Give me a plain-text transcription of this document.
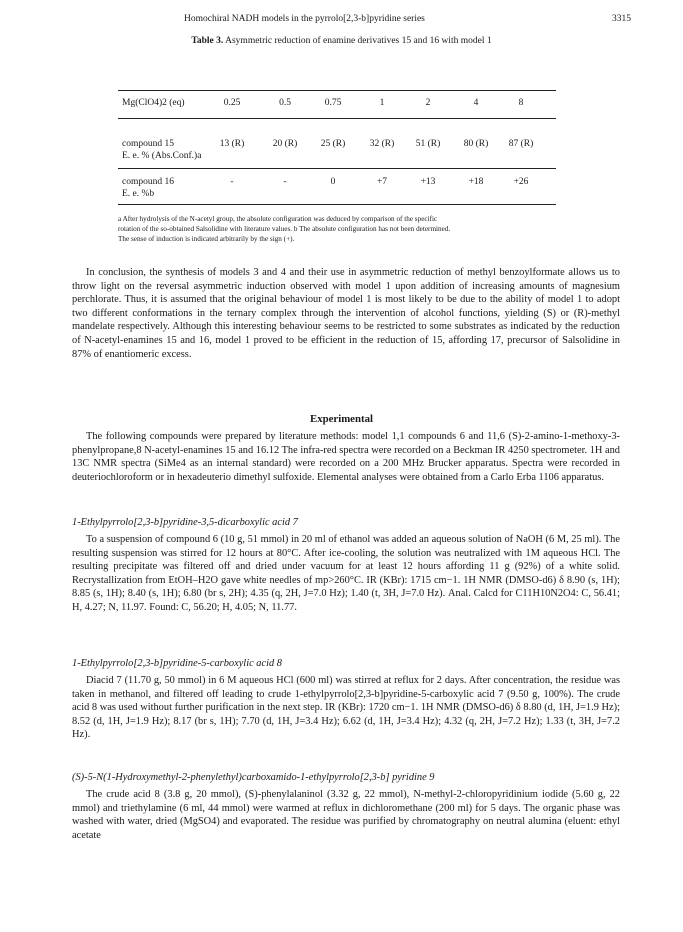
Homochiral NADH models in the pyrrolo[2,3-b]pyridine series	3315
Table 3. Asymmetric reduction of enamine derivatives 15 and 16 with model 1
Mg(ClO4)2 (eq)	0.25	0.5	0.75	1	2	4	8
compound 15
E. e. % (Abs.Conf.)a
13 (R)	20 (R)	25 (R)	32 (R)	51 (R)	80 (R)	87 (R)
compound 16
E. e. %b
-	-	0	+7	+13	+18	+26
a After hydrolysis of the N-acetyl group, the absolute configuration was deduced by comparison of the specific
rotation of the so-obtained Salsolidine with literature values. b The absolute configuration has not been determined.
The sense of induction is indicated arbitrarily by the sign (+).

In conclusion, the synthesis of models 3 and 4 and their use in asymmetric reduction of methyl benzoylformate allows us to throw light on the reversal asymmetric induction observed with model 1 upon addition of increasing amounts of magnesium perchlorate. Thus, it is assumed that the original behaviour of model 1 is most likely to be due to the ability of model 1 to adopt two different conformations in the ternary complex through the intervention of alcohol functions, yielding (S) or (R)-methyl mandelate respectively. Although this interesting behaviour seems to be restricted to some substrates as indicated by the reduction of N-acetyl-enamines 15 and 16, model 1 proved to be efficient in the reduction of 15, affording 17, precursor of Salsolidine in 87% of enantiomeric excess.

Experimental

The following compounds were prepared by literature methods: model 1,1 compounds 6 and 11,6 (S)-2-amino-1-methoxy-3-phenylpropane,8 N-acetyl-enamines 15 and 16.12 The infra-red spectra were recorded on a Beckman IR 4250 spectrometer. 1H and 13C NMR spectra (SiMe4 as an internal standard) were recorded on a 200 MHz Brucker apparatus. Spectra were recorded in deuteriochloroform or in hexadeuterio dimethyl sulfoxide. Elemental analyses were obtained from a Carlo Erba 1106 apparatus.

1-Ethylpyrrolo[2,3-b]pyridine-3,5-dicarboxylic acid 7

To a suspension of compound 6 (10 g, 51 mmol) in 20 ml of ethanol was added an aqueous solution of NaOH (6 M, 25 ml). The resulting suspension was stirred for 12 hours at 80°C. After ice-cooling, the solution was neutralized with 1M aqueous HCl. The resulting precipitate was filtered off and dried under vacuum for at least 12 hours affording 11 g (92%) of a white solid. Recrystallization from EtOH–H2O gave white needles of mp>260°C. IR (KBr): 1715 cm−1. 1H NMR (DMSO-d6) δ 8.90 (s, 1H); 8.85 (s, 1H); 8.40 (s, 1H); 6.80 (br s, 2H); 4.35 (q, 2H, J=7.0 Hz); 1.40 (t, 3H, J=7.0 Hz). Anal. Calcd for C11H10N2O4: C, 56.41; H, 4.27; N, 11.97. Found: C, 56.20; H, 4.05; N, 11.77.

1-Ethylpyrrolo[2,3-b]pyridine-5-carboxylic acid 8

Diacid 7 (11.70 g, 50 mmol) in 6 M aqueous HCl (600 ml) was stirred at reflux for 2 days. After concentration, the residue was taken in methanol, and filtered off leading to crude 1-ethylpyrrolo[2,3-b]pyridine-5-carboxylic acid 7 (9.50 g, 100%). The crude acid 8 was used without further purification in the next step. IR (KBr): 1720 cm−1. 1H NMR (DMSO-d6) δ 8.80 (d, 1H, J=1.9 Hz); 8.52 (d, 1H, J=1.9 Hz); 8.17 (br s, 1H); 7.70 (d, 1H, J=3.4 Hz); 6.62 (d, 1H, J=3.4 Hz); 4.32 (q, 2H, J=7.2 Hz); 1.33 (t, 3H, J=7.2 Hz).

(S)-5-N(1-Hydroxymethyl-2-phenylethyl)carboxamido-1-ethylpyrrolo[2,3-b] pyridine 9

The crude acid 8 (3.8 g, 20 mmol), (S)-phenylalaninol (3.32 g, 22 mmol), N-methyl-2-chloropyridinium iodide (5.60 g, 22 mmol) and triethylamine (6 ml, 44 mmol) were warmed at reflux in dichloromethane (200 ml) for 5 days. The organic phase was washed with water, dried (MgSO4) and evaporated. The residue was purified by chromatography on neutral alumina (eluent: ethyl acetate
